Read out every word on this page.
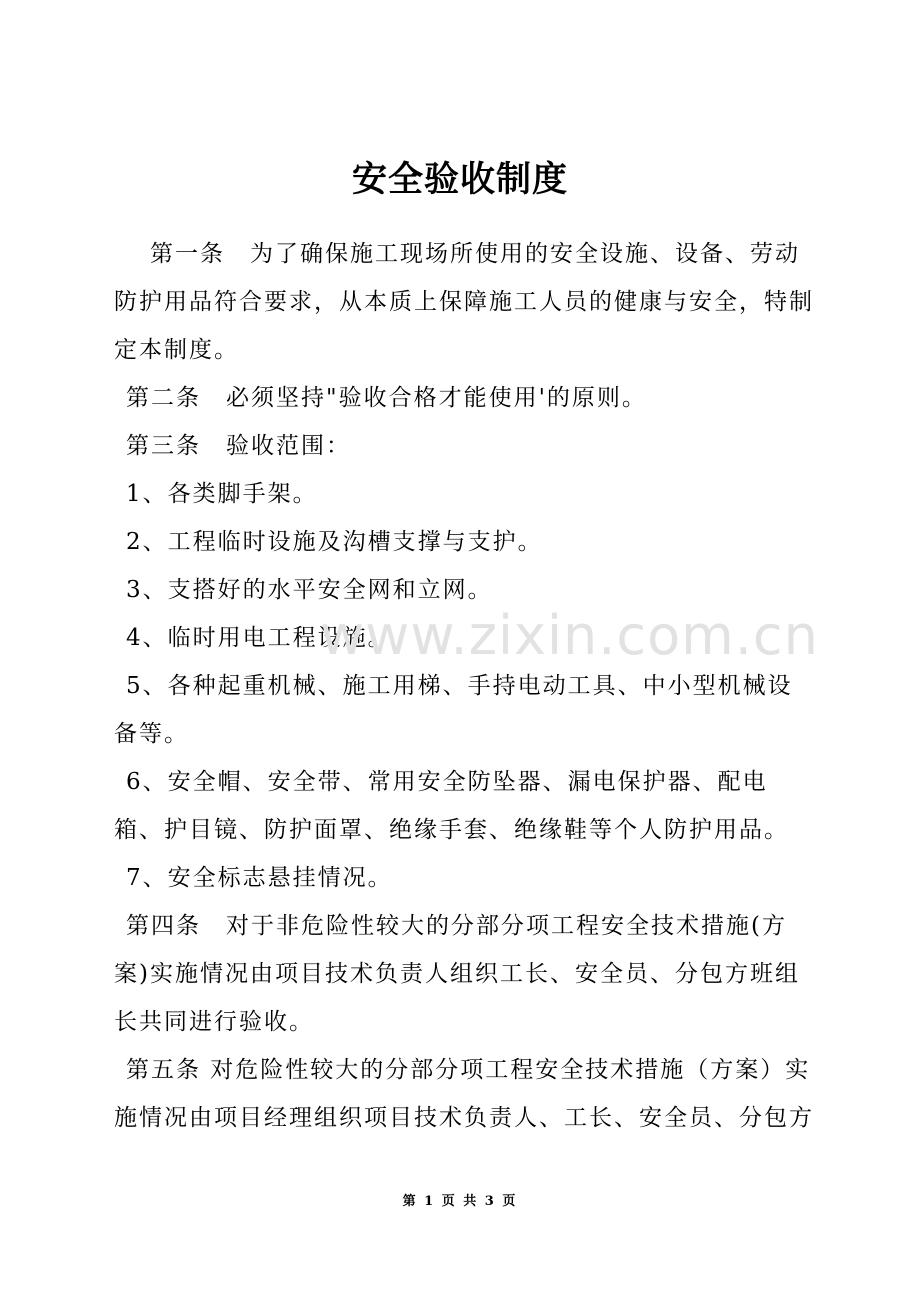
安全验收制度

第一条　为了确保施工现场所使用的安全设施、设备、劳动防护用品符合要求，从本质上保障施工人员的健康与安全，特制定本制度。

第二条　必须坚持"验收合格才能使用'的原则。

第三条　验收范围：

1、各类脚手架。

2、工程临时设施及沟槽支撑与支护。

3、支搭好的水平安全网和立网。

4、临时用电工程设施。

5、各种起重机械、施工用梯、手持电动工具、中小型机械设备等。

6、安全帽、安全带、常用安全防坠器、漏电保护器、配电箱、护目镜、防护面罩、绝缘手套、绝缘鞋等个人防护用品。

7、安全标志悬挂情况。

第四条　对于非危险性较大的分部分项工程安全技术措施(方案)实施情况由项目技术负责人组织工长、安全员、分包方班组长共同进行验收。

第五条 对危险性较大的分部分项工程安全技术措施（方案）实施情况由项目经理组织项目技术负责人、工长、安全员、分包方

www.zixin.com.cn
第 1 页 共 3 页
